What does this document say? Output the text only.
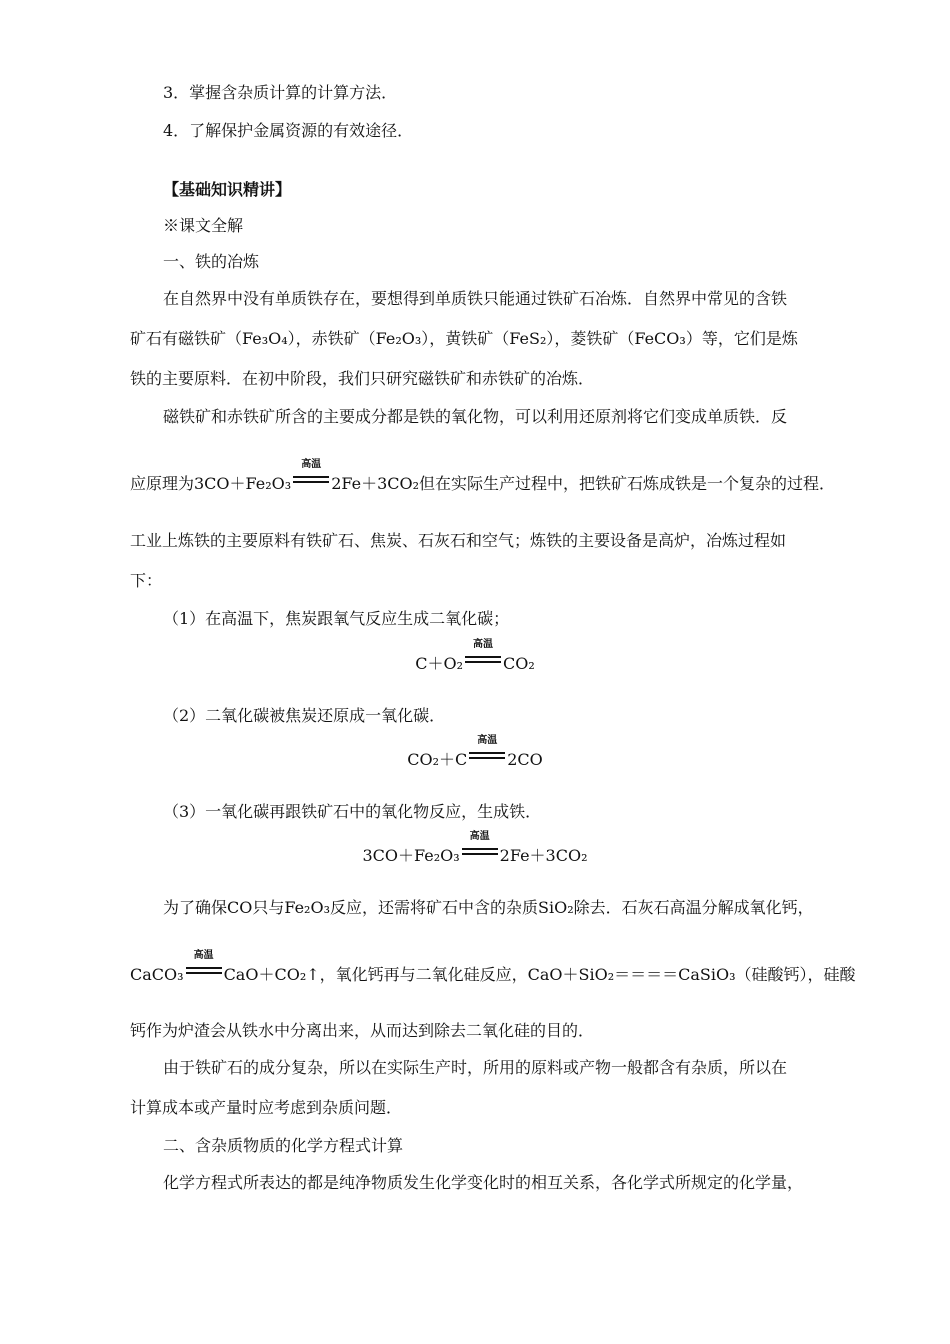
3．掌握含杂质计算的计算方法．
4．了解保护金属资源的有效途径．
【基础知识精讲】
※课文全解
一、铁的冶炼
在自然界中没有单质铁存在，要想得到单质铁只能通过铁矿石冶炼．自然界中常见的含铁
矿石有磁铁矿（Fe₃O₄），赤铁矿（Fe₂O₃），黄铁矿（FeS₂），菱铁矿（FeCO₃）等，它们是炼
铁的主要原料．在初中阶段，我们只研究磁铁矿和赤铁矿的冶炼．
磁铁矿和赤铁矿所含的主要成分都是铁的氧化物，可以利用还原剂将它们变成单质铁．反
应原理为3CO＋Fe₂O₃
高温
2Fe＋3CO₂但在实际生产过程中，把铁矿石炼成铁是一个复杂的过程．
工业上炼铁的主要原料有铁矿石、焦炭、石灰石和空气；炼铁的主要设备是高炉，冶炼过程如
下：
（1）在高温下，焦炭跟氧气反应生成二氧化碳；
C＋O₂
高温
CO₂
（2）二氧化碳被焦炭还原成一氧化碳．
CO₂＋C
高温
2CO
（3）一氧化碳再跟铁矿石中的氧化物反应，生成铁．
3CO＋Fe₂O₃
高温
2Fe＋3CO₂
为了确保CO只与Fe₂O₃反应，还需将矿石中含的杂质SiO₂除去．石灰石高温分解成氧化钙，
CaCO₃
高温
CaO＋CO₂↑，氧化钙再与二氧化硅反应，CaO＋SiO₂＝＝＝＝CaSiO₃（硅酸钙），硅酸
钙作为炉渣会从铁水中分离出来，从而达到除去二氧化硅的目的．
由于铁矿石的成分复杂，所以在实际生产时，所用的原料或产物一般都含有杂质，所以在
计算成本或产量时应考虑到杂质问题．
二、含杂质物质的化学方程式计算
化学方程式所表达的都是纯净物质发生化学变化时的相互关系，各化学式所规定的化学量，
